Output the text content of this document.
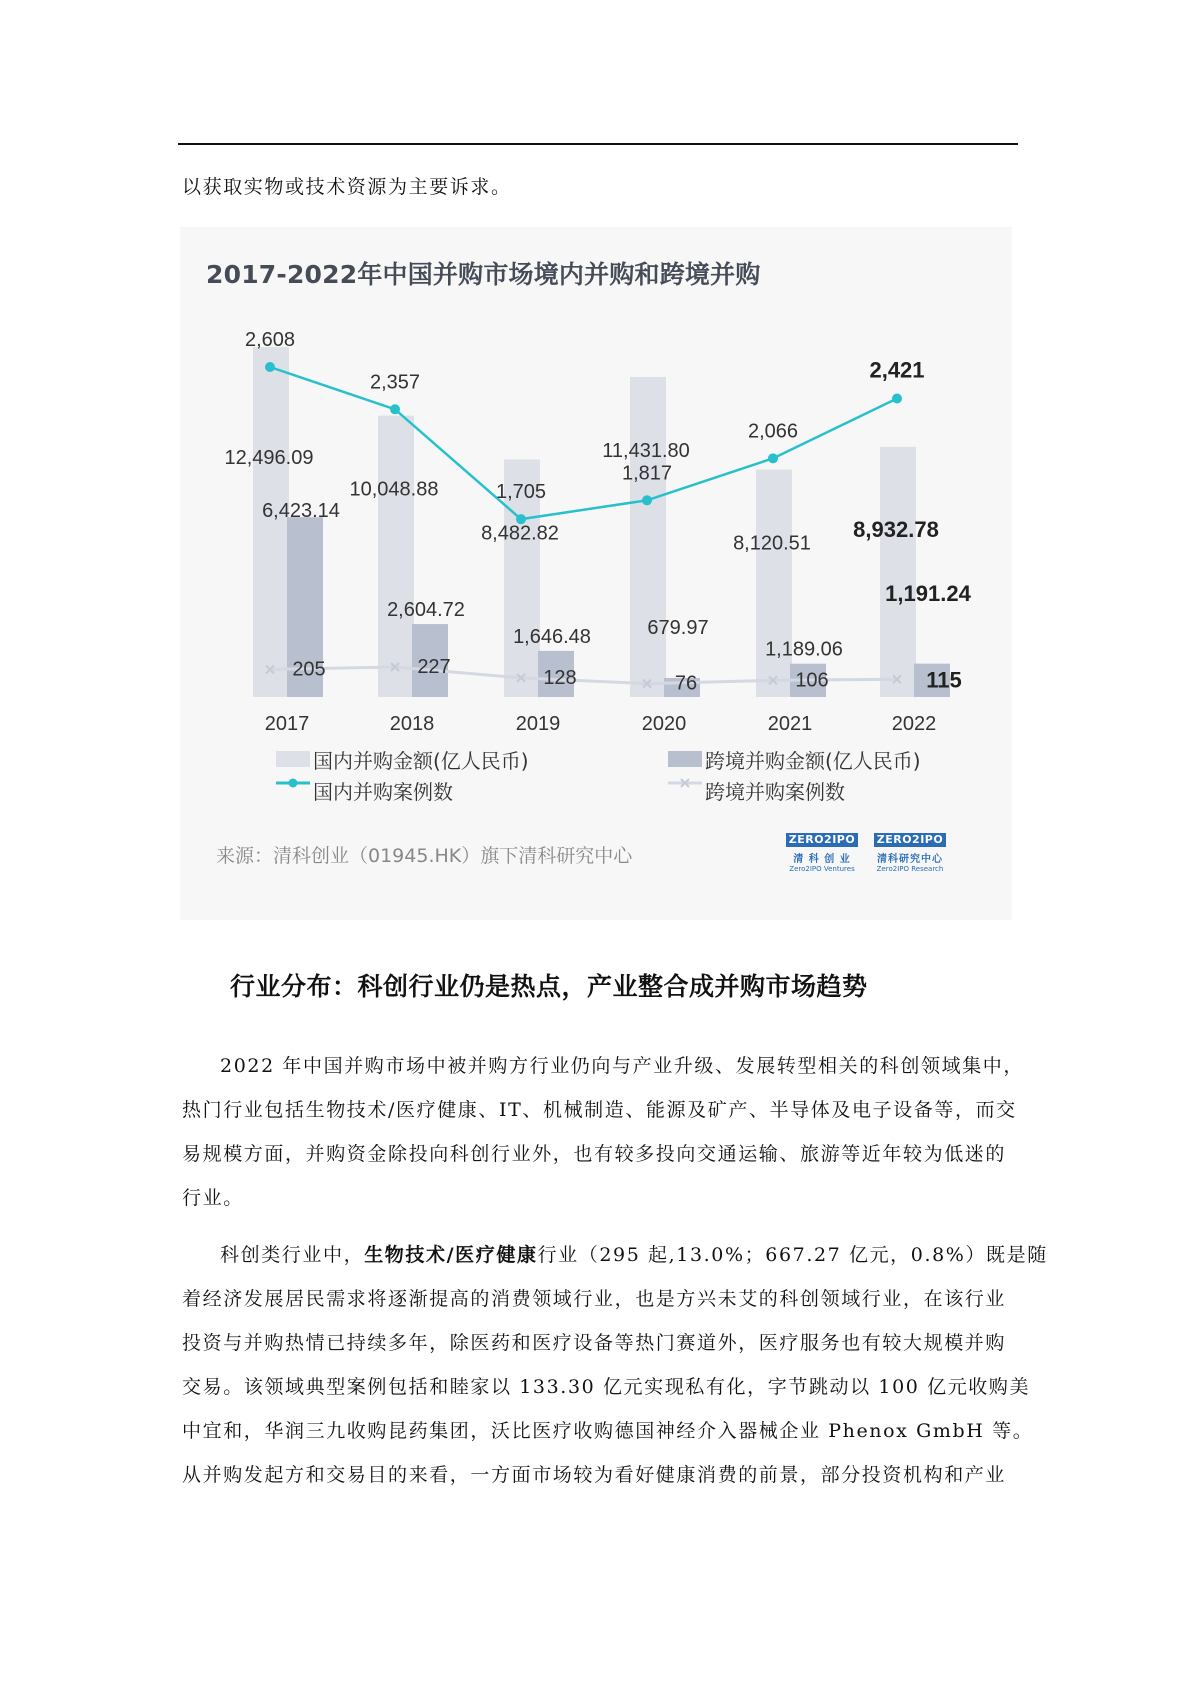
以获取实物或技术资源为主要诉求。
2017-2022年中国并购市场境内并购和跨境并购
2,608
12,496.09
6,423.14
205
2017
2,357
10,048.88
2,604.72
227
2018
1,705
8,482.82
1,646.48
128
2019
1,817
11,431.80
679.97
76
2020
2,066
8,120.51
1,189.06
106
2021
2,421
8,932.78
1,191.24
115
2022
国内并购金额(亿人民币)	跨境并购金额(亿人民币)
国内并购案例数	跨境并购案例数
来源：清科创业（01945.HK）旗下清科研究中心
ZERO2IPO
清 科 创 业
Zero2IPO Ventures
ZERO2IPO
清科研究中心
Zero2IPO Research
行业分布：科创行业仍是热点，产业整合成并购市场趋势
2022 年中国并购市场中被并购方行业仍向与产业升级、发展转型相关的科创领域集中，
热门行业包括生物技术/医疗健康、IT、机械制造、能源及矿产、半导体及电子设备等，而交
易规模方面，并购资金除投向科创行业外，也有较多投向交通运输、旅游等近年较为低迷的
行业。
科创类行业中，生物技术/医疗健康行业（295 起,13.0%；667.27 亿元，0.8%）既是随
着经济发展居民需求将逐渐提高的消费领域行业，也是方兴未艾的科创领域行业，在该行业
投资与并购热情已持续多年，除医药和医疗设备等热门赛道外，医疗服务也有较大规模并购
交易。该领域典型案例包括和睦家以 133.30 亿元实现私有化，字节跳动以 100 亿元收购美
中宜和，华润三九收购昆药集团，沃比医疗收购德国神经介入器械企业 Phenox GmbH 等。
从并购发起方和交易目的来看，一方面市场较为看好健康消费的前景，部分投资机构和产业
